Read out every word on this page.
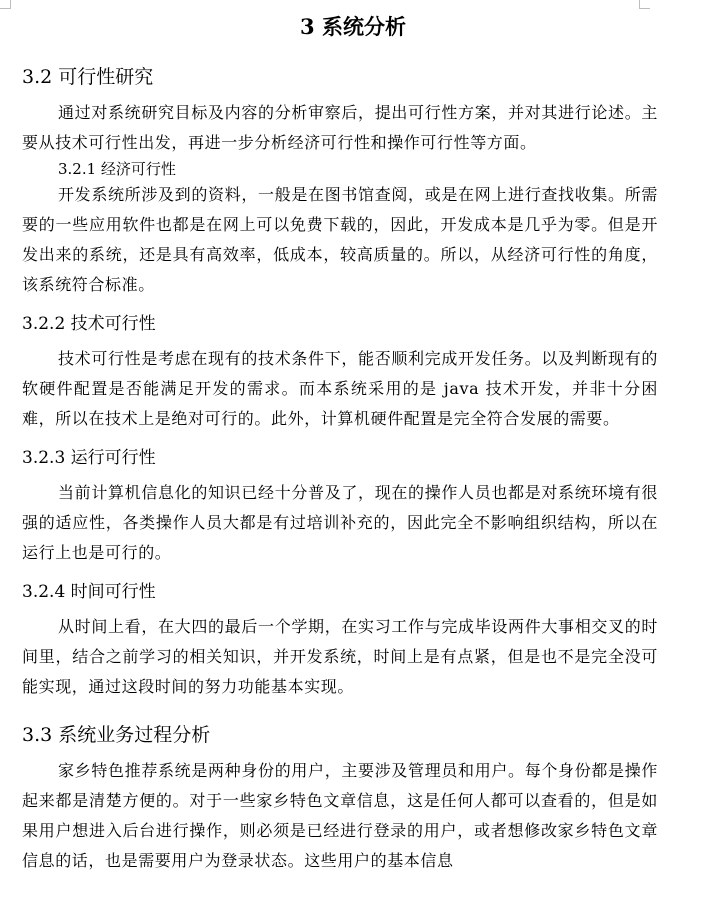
3 系统分析
3.2 可行性研究

通过对系统研究目标及内容的分析审察后，提出可行性方案，并对其进行论述。主要从技术可行性出发，再进一步分析经济可行性和操作可行性等方面。

3.2.1 经济可行性

开发系统所涉及到的资料，一般是在图书馆查阅，或是在网上进行查找收集。所需要的一些应用软件也都是在网上可以免费下载的，因此，开发成本是几乎为零。但是开发出来的系统，还是具有高效率，低成本，较高质量的。所以，从经济可行性的角度，该系统符合标准。

3.2.2 技术可行性

技术可行性是考虑在现有的技术条件下，能否顺利完成开发任务。以及判断现有的软硬件配置是否能满足开发的需求。而本系统采用的是 java 技术开发，并非十分困难，所以在技术上是绝对可行的。此外，计算机硬件配置是完全符合发展的需要。

3.2.3 运行可行性

当前计算机信息化的知识已经十分普及了，现在的操作人员也都是对系统环境有很强的适应性，各类操作人员大都是有过培训补充的，因此完全不影响组织结构，所以在运行上也是可行的。

3.2.4 时间可行性

从时间上看，在大四的最后一个学期，在实习工作与完成毕设两件大事相交叉的时间里，结合之前学习的相关知识，并开发系统，时间上是有点紧，但是也不是完全没可能实现，通过这段时间的努力功能基本实现。

3.3 系统业务过程分析

家乡特色推荐系统是两种身份的用户，主要涉及管理员和用户。每个身份都是操作起来都是清楚方便的。对于一些家乡特色文章信息，这是任何人都可以查看的，但是如果用户想进入后台进行操作，则必须是已经进行登录的用户，或者想修改家乡特色文章信息的话，也是需要用户为登录状态。这些用户的基本信息
